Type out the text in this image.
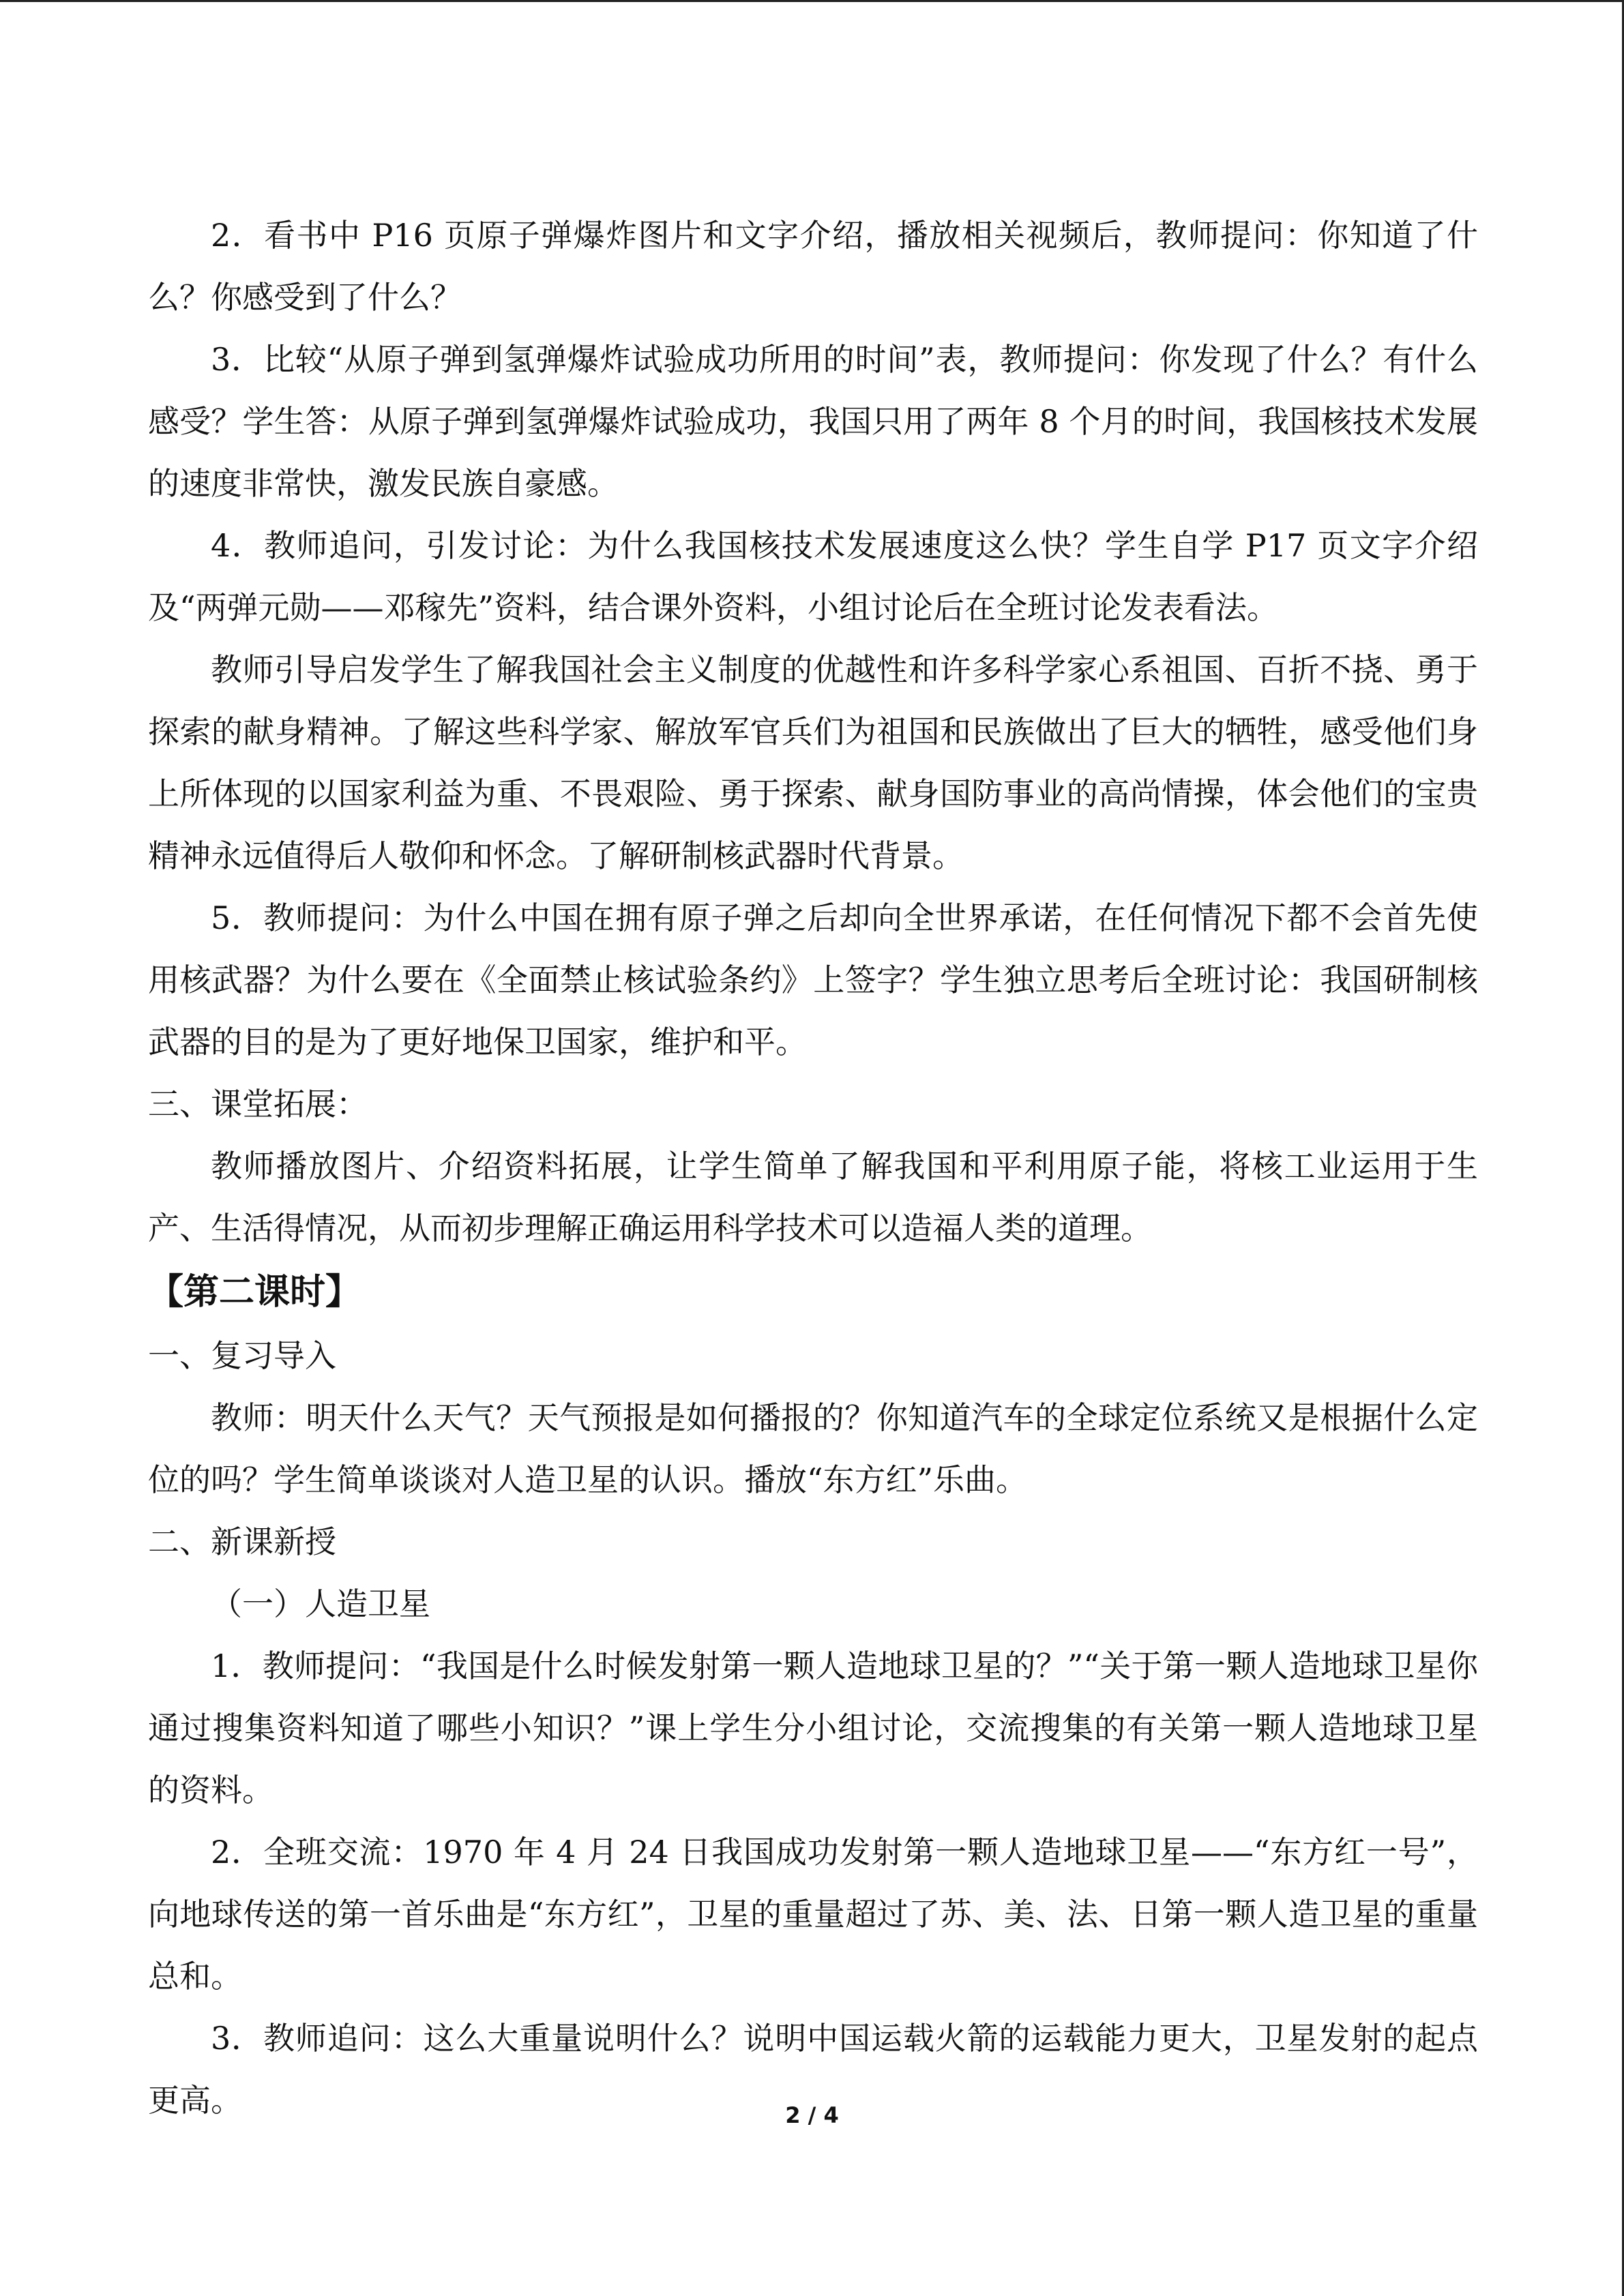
2．看书中 P16 页原子弹爆炸图片和文字介绍，播放相关视频后，教师提问：你知道了什么？你感受到了什么？

3．比较“从原子弹到氢弹爆炸试验成功所用的时间”表，教师提问：你发现了什么？有什么感受？学生答：从原子弹到氢弹爆炸试验成功，我国只用了两年 8 个月的时间，我国核技术发展的速度非常快，激发民族自豪感。

4．教师追问，引发讨论：为什么我国核技术发展速度这么快？学生自学 P17 页文字介绍及“两弹元勋——邓稼先”资料，结合课外资料，小组讨论后在全班讨论发表看法。

教师引导启发学生了解我国社会主义制度的优越性和许多科学家心系祖国、百折不挠、勇于探索的献身精神。了解这些科学家、解放军官兵们为祖国和民族做出了巨大的牺牲，感受他们身上所体现的以国家利益为重、不畏艰险、勇于探索、献身国防事业的高尚情操，体会他们的宝贵精神永远值得后人敬仰和怀念。了解研制核武器时代背景。

5．教师提问：为什么中国在拥有原子弹之后却向全世界承诺，在任何情况下都不会首先使用核武器？为什么要在《全面禁止核试验条约》上签字？学生独立思考后全班讨论：我国研制核武器的目的是为了更好地保卫国家，维护和平。

三、课堂拓展：

教师播放图片、介绍资料拓展，让学生简单了解我国和平利用原子能，将核工业运用于生产、生活得情况，从而初步理解正确运用科学技术可以造福人类的道理。

【第二课时】

一、复习导入

教师：明天什么天气？天气预报是如何播报的？你知道汽车的全球定位系统又是根据什么定位的吗？学生简单谈谈对人造卫星的认识。播放“东方红”乐曲。

二、新课新授

（一）人造卫星

1．教师提问：“我国是什么时候发射第一颗人造地球卫星的？”“关于第一颗人造地球卫星你通过搜集资料知道了哪些小知识？”课上学生分小组讨论，交流搜集的有关第一颗人造地球卫星的资料。

2．全班交流：1970 年 4 月 24 日我国成功发射第一颗人造地球卫星——“东方红一号”，向地球传送的第一首乐曲是“东方红”，卫星的重量超过了苏、美、法、日第一颗人造卫星的重量总和。

3．教师追问：这么大重量说明什么？说明中国运载火箭的运载能力更大，卫星发射的起点更高。	2 / 4
